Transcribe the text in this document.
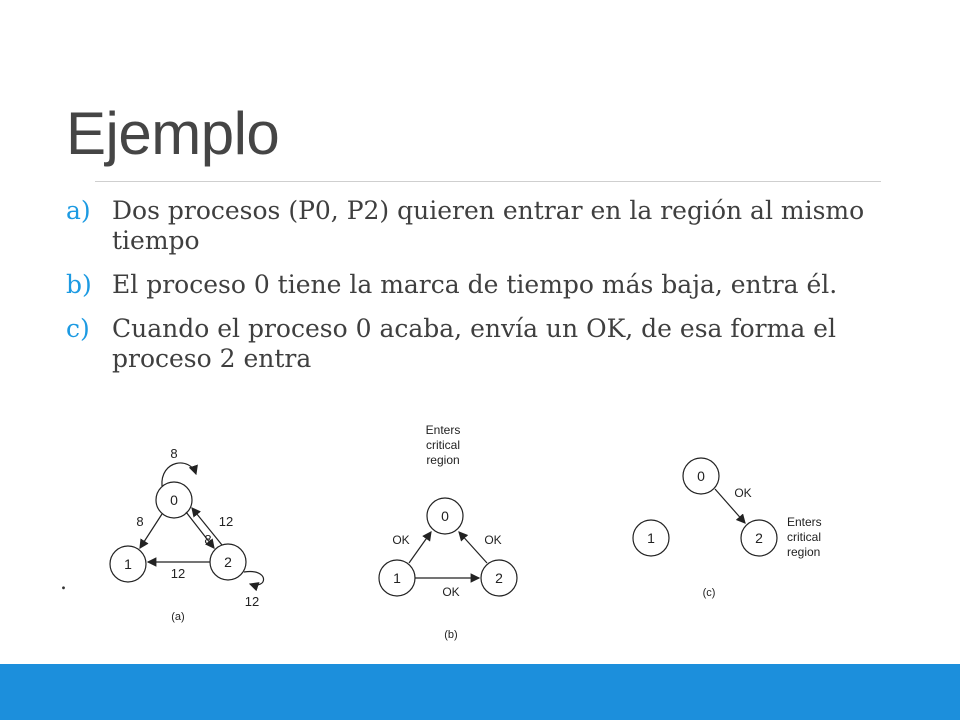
Ejemplo
a) Dos procesos (P0, P2) quieren entrar en la región al mismo tiempo
b) El proceso 0 tiene la marca de tiempo más baja, entra él.
c) Cuando el proceso 0 acaba, envía un OK, de esa forma el proceso 2 entra
.
0
1	2
8
8
8
12
12
12
(a)
Enters
critical
region
0
1	2
OK	OK
OK
(b)
0
1	2
OK
Enters
critical
region
(c)
